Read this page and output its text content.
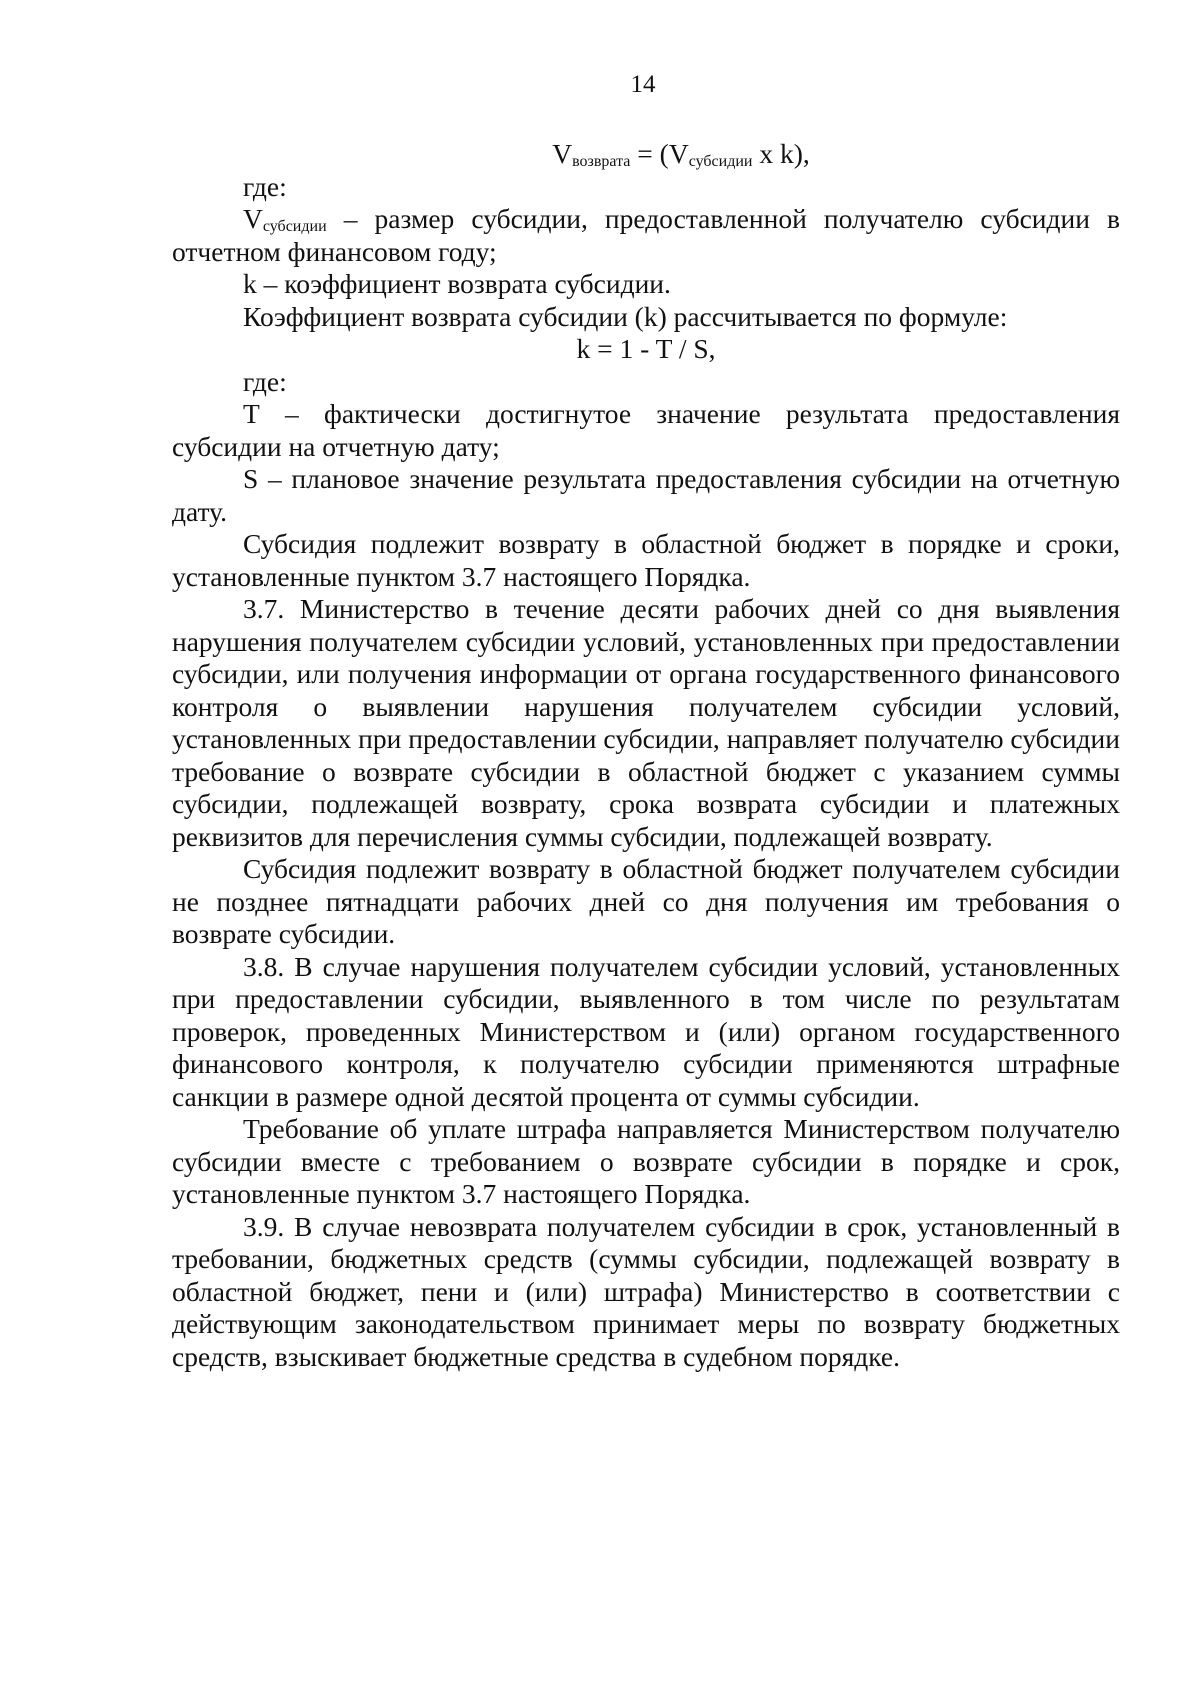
14

Vвозврата = (Vсубсидии x k),

где:

Vсубсидии – размер субсидии, предоставленной получателю субсидии в отчетном финансовом году;

k – коэффициент возврата субсидии.

Коэффициент возврата субсидии (k) рассчитывается по формуле:

k = 1 - T / S,

где:

Т – фактически достигнутое значение результата предоставления субсидии на отчетную дату;

S – плановое значение результата предоставления субсидии на отчетную дату.

Субсидия подлежит возврату в областной бюджет в порядке и сроки, установленные пунктом 3.7 настоящего Порядка.

3.7. Министерство в течение десяти рабочих дней со дня выявления нарушения получателем субсидии условий, установленных при предоставлении субсидии, или получения информации от органа государственного финансового контроля о выявлении нарушения получателем субсидии условий, установленных при предоставлении субсидии, направляет получателю субсидии требование о возврате субсидии в областной бюджет с указанием суммы субсидии, подлежащей возврату, срока возврата субсидии и платежных реквизитов для перечисления суммы субсидии, подлежащей возврату.

Субсидия подлежит возврату в областной бюджет получателем субсидии не позднее пятнадцати рабочих дней со дня получения им требования о возврате субсидии.

3.8. В случае нарушения получателем субсидии условий, установленных при предоставлении субсидии, выявленного в том числе по результатам проверок, проведенных Министерством и (или) органом государственного финансового контроля, к получателю субсидии применяются штрафные санкции в размере одной десятой процента от суммы субсидии.

Требование об уплате штрафа направляется Министерством получателю субсидии вместе с требованием о возврате субсидии в порядке и срок, установленные пунктом 3.7 настоящего Порядка.

3.9. В случае невозврата получателем субсидии в срок, установленный в требовании, бюджетных средств (суммы субсидии, подлежащей возврату в областной бюджет, пени и (или) штрафа) Министерство в соответствии с действующим законодательством принимает меры по возврату бюджетных средств, взыскивает бюджетные средства в судебном порядке.
